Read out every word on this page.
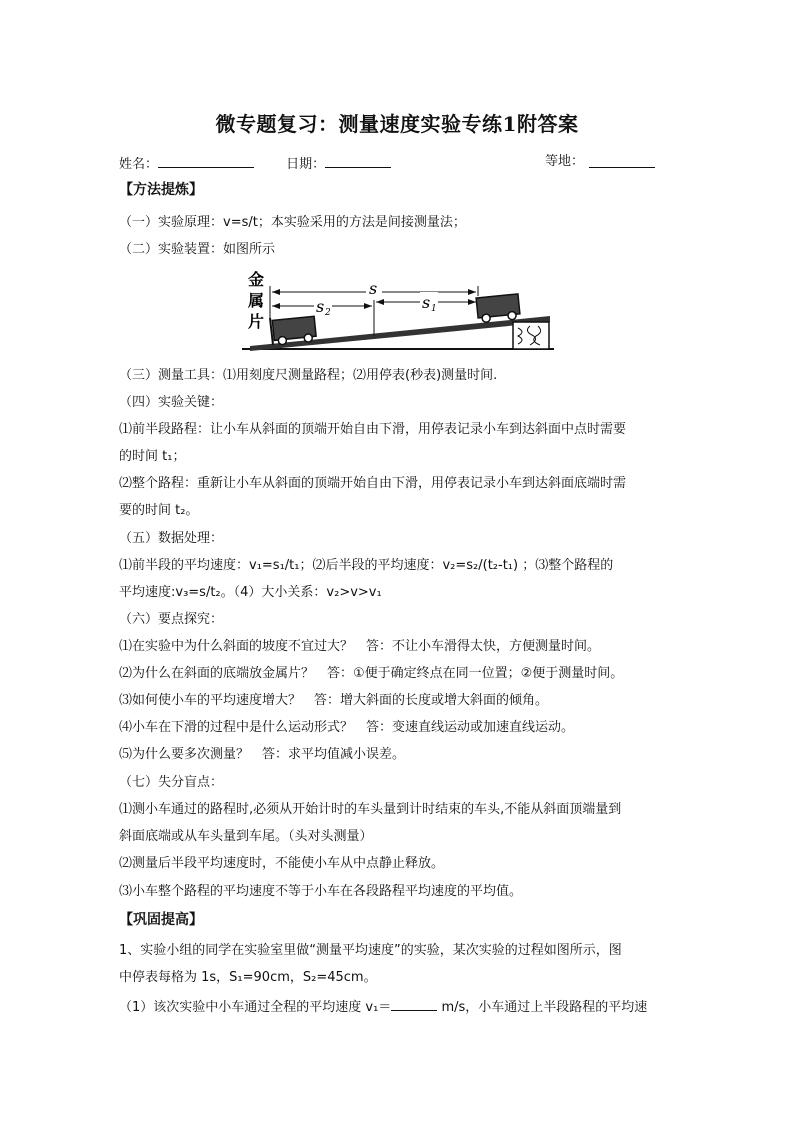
微专题复习：测量速度实验专练1附答案
姓名：	日期：	等地：
【方法提炼】
（一）实验原理：v=s/t；本实验采用的方法是间接测量法；
（二）实验装置：如图所示
金
属
片
s
s 2
s 1
（三）测量工具：⑴用刻度尺测量路程；⑵用停表(秒表)测量时间.
（四）实验关键：
⑴前半段路程：让小车从斜面的顶端开始自由下滑，用停表记录小车到达斜面中点时需要
的时间 t₁；
⑵整个路程：重新让小车从斜面的顶端开始自由下滑，用停表记录小车到达斜面底端时需
要的时间 t₂。
（五）数据处理：
⑴前半段的平均速度：v₁=s₁/t₁；⑵后半段的平均速度：v₂=s₂/(t₂-t₁) ；⑶整个路程的
平均速度:v₃=s/t₂。（4）大小关系：v₂>v>v₁
（六）要点探究：
⑴在实验中为什么斜面的坡度不宜过大？　答：不让小车滑得太快，方便测量时间。
⑵为什么在斜面的底端放金属片？　答：①便于确定终点在同一位置；②便于测量时间。
⑶如何使小车的平均速度增大？　答：增大斜面的长度或增大斜面的倾角。
⑷小车在下滑的过程中是什么运动形式？　答：变速直线运动或加速直线运动。
⑸为什么要多次测量？　答：求平均值减小误差。
（七）失分盲点：
⑴测小车通过的路程时,必须从开始计时的车头量到计时结束的车头,不能从斜面顶端量到
斜面底端或从车头量到车尾。（头对头测量）
⑵测量后半段平均速度时，不能使小车从中点静止释放。
⑶小车整个路程的平均速度不等于小车在各段路程平均速度的平均值。
【巩固提高】
1、实验小组的同学在实验室里做“测量平均速度”的实验，某次实验的过程如图所示，图
中停表每格为 1s，S₁=90cm，S₂=45cm。
（1）该次实验中小车通过全程的平均速度 v₁＝	m/s，小车通过上半段路程的平均速
